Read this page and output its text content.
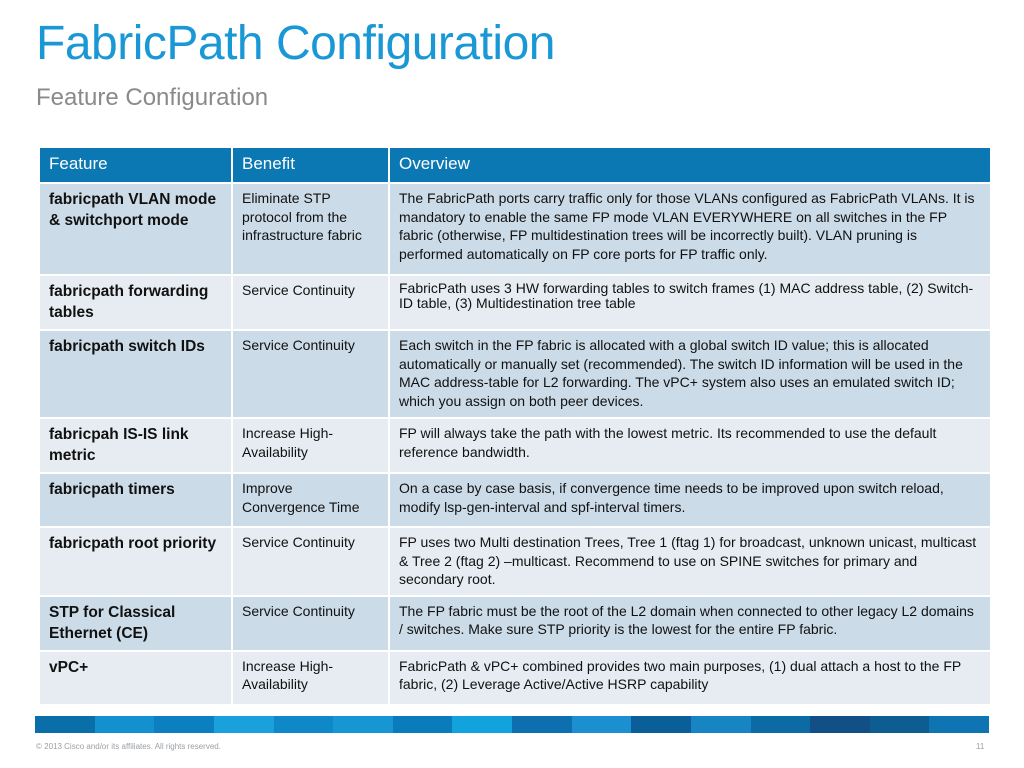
FabricPath Configuration
Feature Configuration
Feature	Benefit	Overview
fabricpath VLAN mode & switchport mode	Eliminate STP protocol from the infrastructure fabric	The FabricPath ports carry traffic only for those VLANs configured as FabricPath VLANs. It is mandatory to enable the same FP mode VLAN EVERYWHERE on all switches in the FP fabric (otherwise, FP multidestination trees will be incorrectly built). VLAN pruning is performed automatically on FP core ports for FP traffic only.
fabricpath forwarding tables	Service Continuity	FabricPath uses 3 HW forwarding tables to switch frames (1) MAC address table, (2) Switch-ID table, (3) Multidestination tree table
fabricpath switch IDs	Service Continuity	Each switch in the FP fabric is allocated with a global switch ID value; this is allocated automatically or manually set (recommended). The switch ID information will be used in the MAC address-table for L2 forwarding. The vPC+ system also uses an emulated switch ID; which you assign on both peer devices.
fabricpah IS-IS link metric	Increase High-Availability	FP will always take the path with the lowest metric. Its recommended to use the default reference bandwidth.
fabricpath timers	Improve Convergence Time	On a case by case basis, if convergence time needs to be improved upon switch reload, modify lsp-gen-interval and spf-interval timers.
fabricpath root priority	Service Continuity	FP uses two Multi destination Trees, Tree 1 (ftag 1) for broadcast, unknown unicast, multicast & Tree 2 (ftag 2) –multicast. Recommend to use on SPINE switches for primary and secondary root.
STP for Classical Ethernet (CE)	Service Continuity	The FP fabric must be the root of the L2 domain when connected to other legacy L2 domains / switches. Make sure STP priority is the lowest for the entire FP fabric.
vPC+	Increase High-Availability	FabricPath & vPC+ combined provides two main purposes, (1) dual attach a host to the FP fabric, (2) Leverage Active/Active HSRP capability
© 2013 Cisco and/or its affiliates. All rights reserved.	11
